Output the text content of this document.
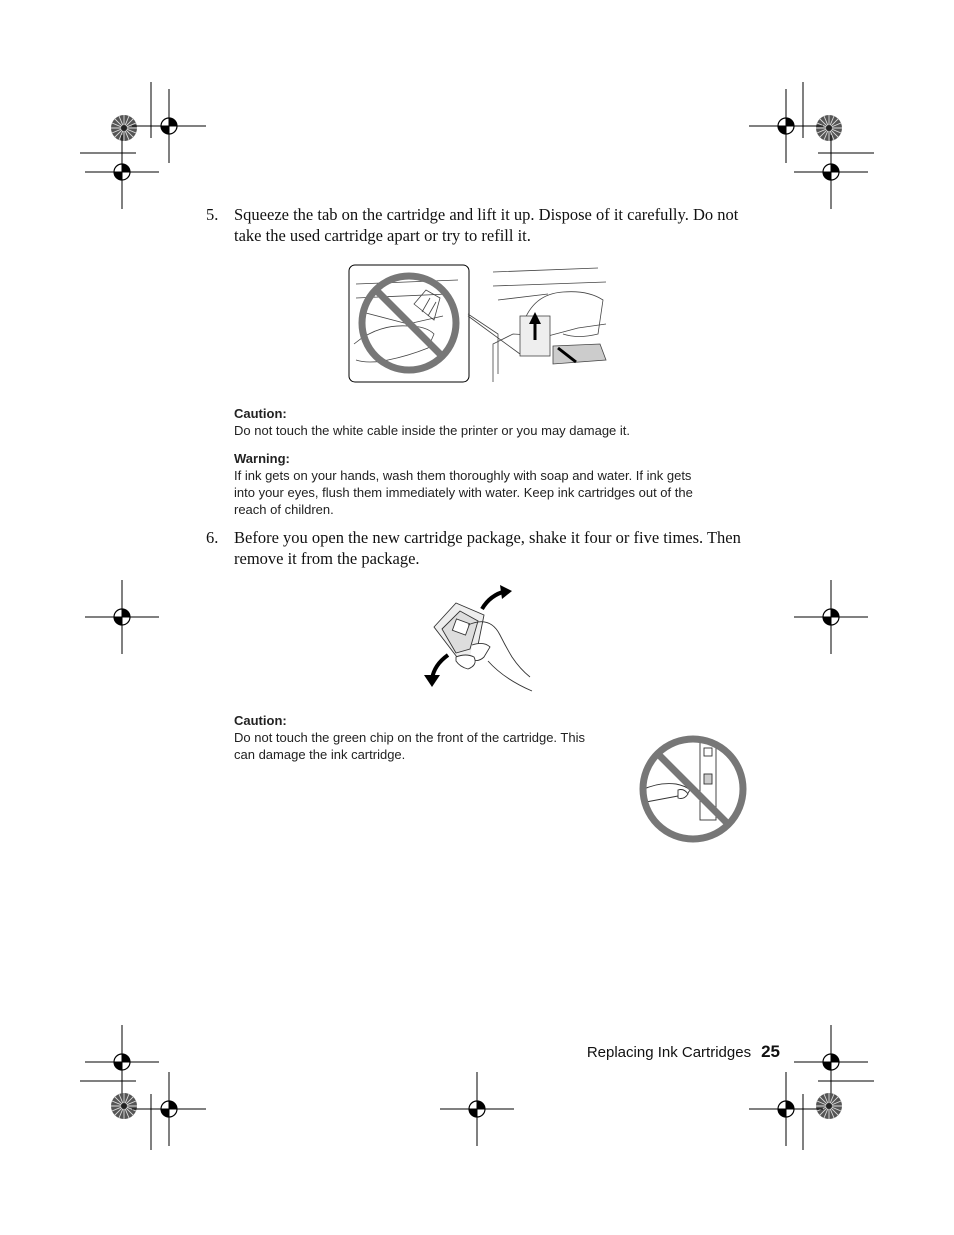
5. Squeeze the tab on the cartridge and lift it up. Dispose of it carefully. Do not
take the used cartridge apart or try to refill it.

Caution:

Do not touch the white cable inside the printer or you may damage it.

Warning:

If ink gets on your hands, wash them thoroughly with soap and water. If ink gets

into your eyes, flush them immediately with water. Keep ink cartridges out of the

reach of children.

6. Before you open the new cartridge package, shake it four or five times. Then
remove it from the package.

Caution:

Do not touch the green chip on the front of the cartridge. This

can damage the ink cartridge.

Replacing Ink Cartridges 25
